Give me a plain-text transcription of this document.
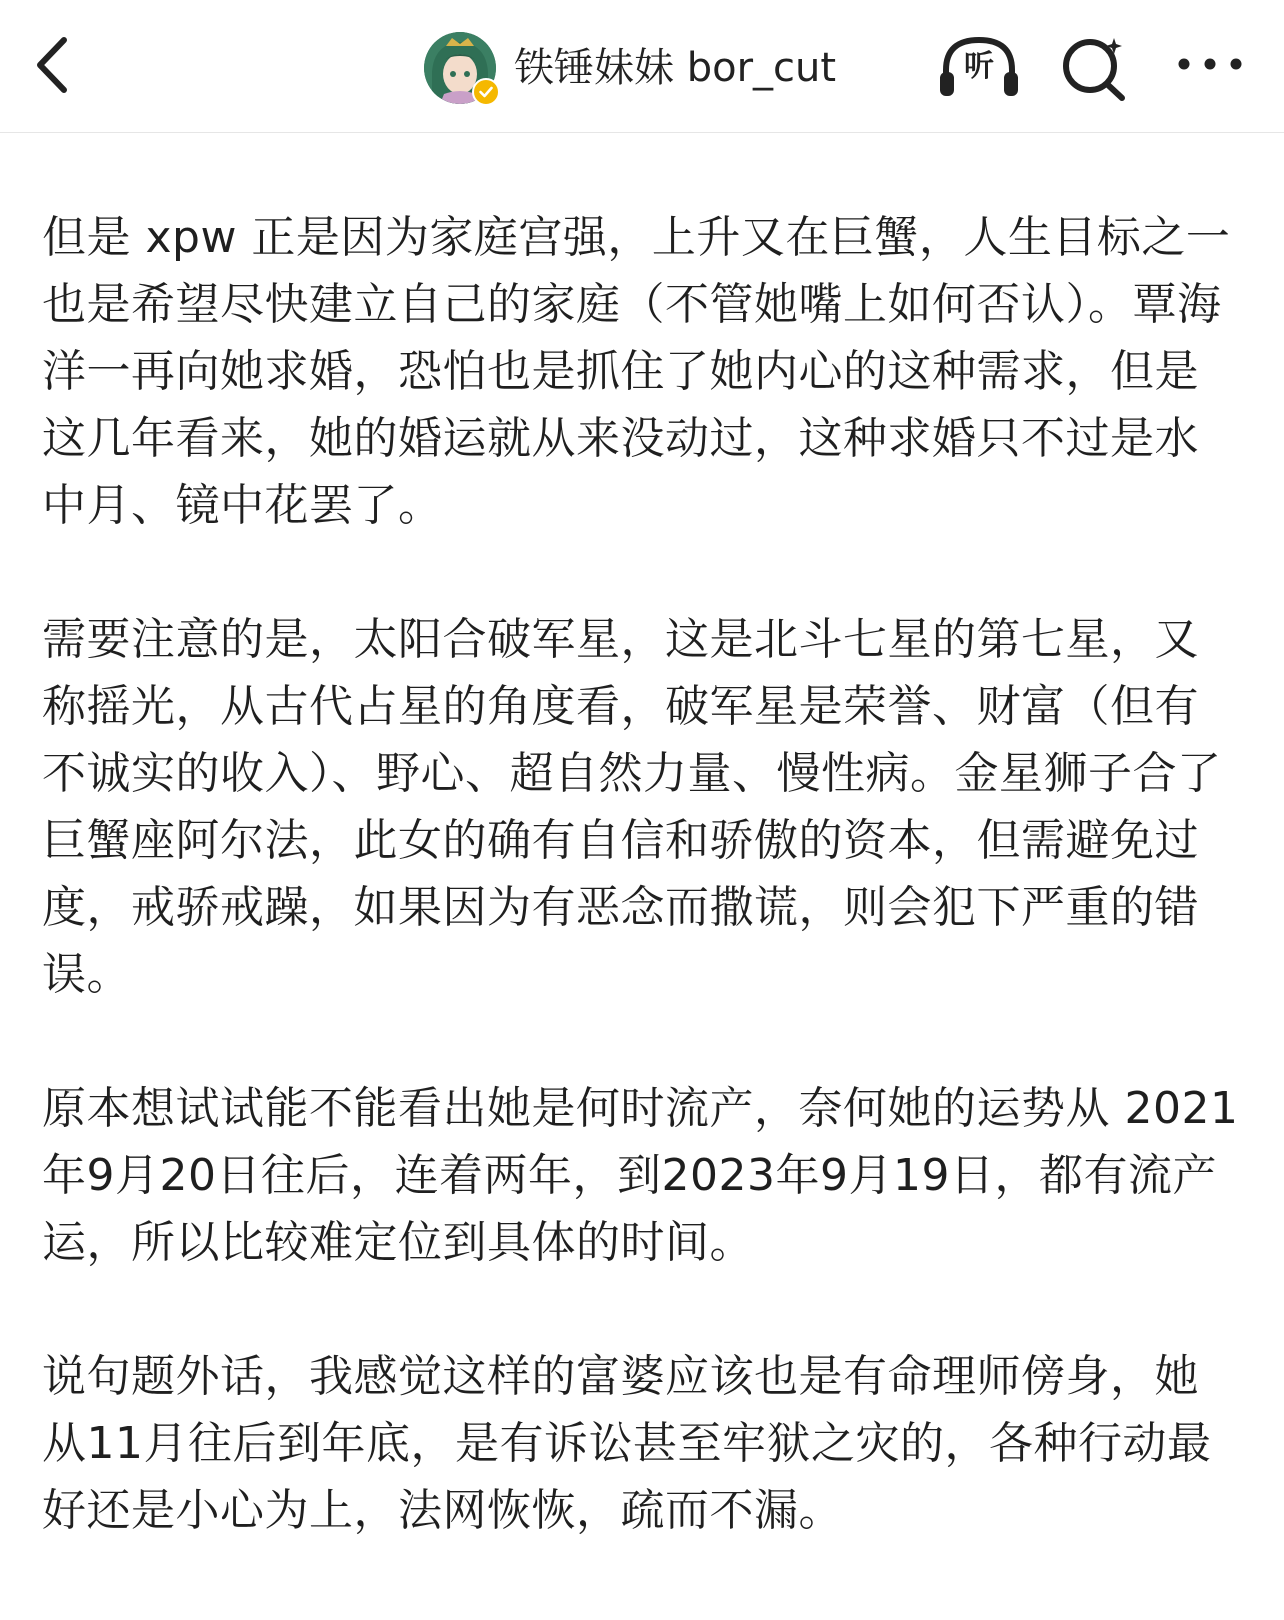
铁锤妹妹 bor_cut	听

但是 xpw 正是因为家庭宫强，上升又在巨蟹，人生目标之一也是希望尽快建立自己的家庭（不管她嘴上如何否认）。覃海洋一再向她求婚，恐怕也是抓住了她内心的这种需求，但是这几年看来，她的婚运就从来没动过，这种求婚只不过是水中月、镜中花罢了。

需要注意的是，太阳合破军星，这是北斗七星的第七星，又称摇光，从古代占星的角度看，破军星是荣誉、财富（但有不诚实的收入）、野心、超自然力量、慢性病。金星狮子合了巨蟹座阿尔法，此女的确有自信和骄傲的资本，但需避免过度，戒骄戒躁，如果因为有恶念而撒谎，则会犯下严重的错误。

原本想试试能不能看出她是何时流产，奈何她的运势从 2021年9月20日往后，连着两年，到2023年9月19日，都有流产运，所以比较难定位到具体的时间。

说句题外话，我感觉这样的富婆应该也是有命理师傍身，她从11月往后到年底，是有诉讼甚至牢狱之灾的，各种行动最好还是小心为上，法网恢恢，疏而不漏。
